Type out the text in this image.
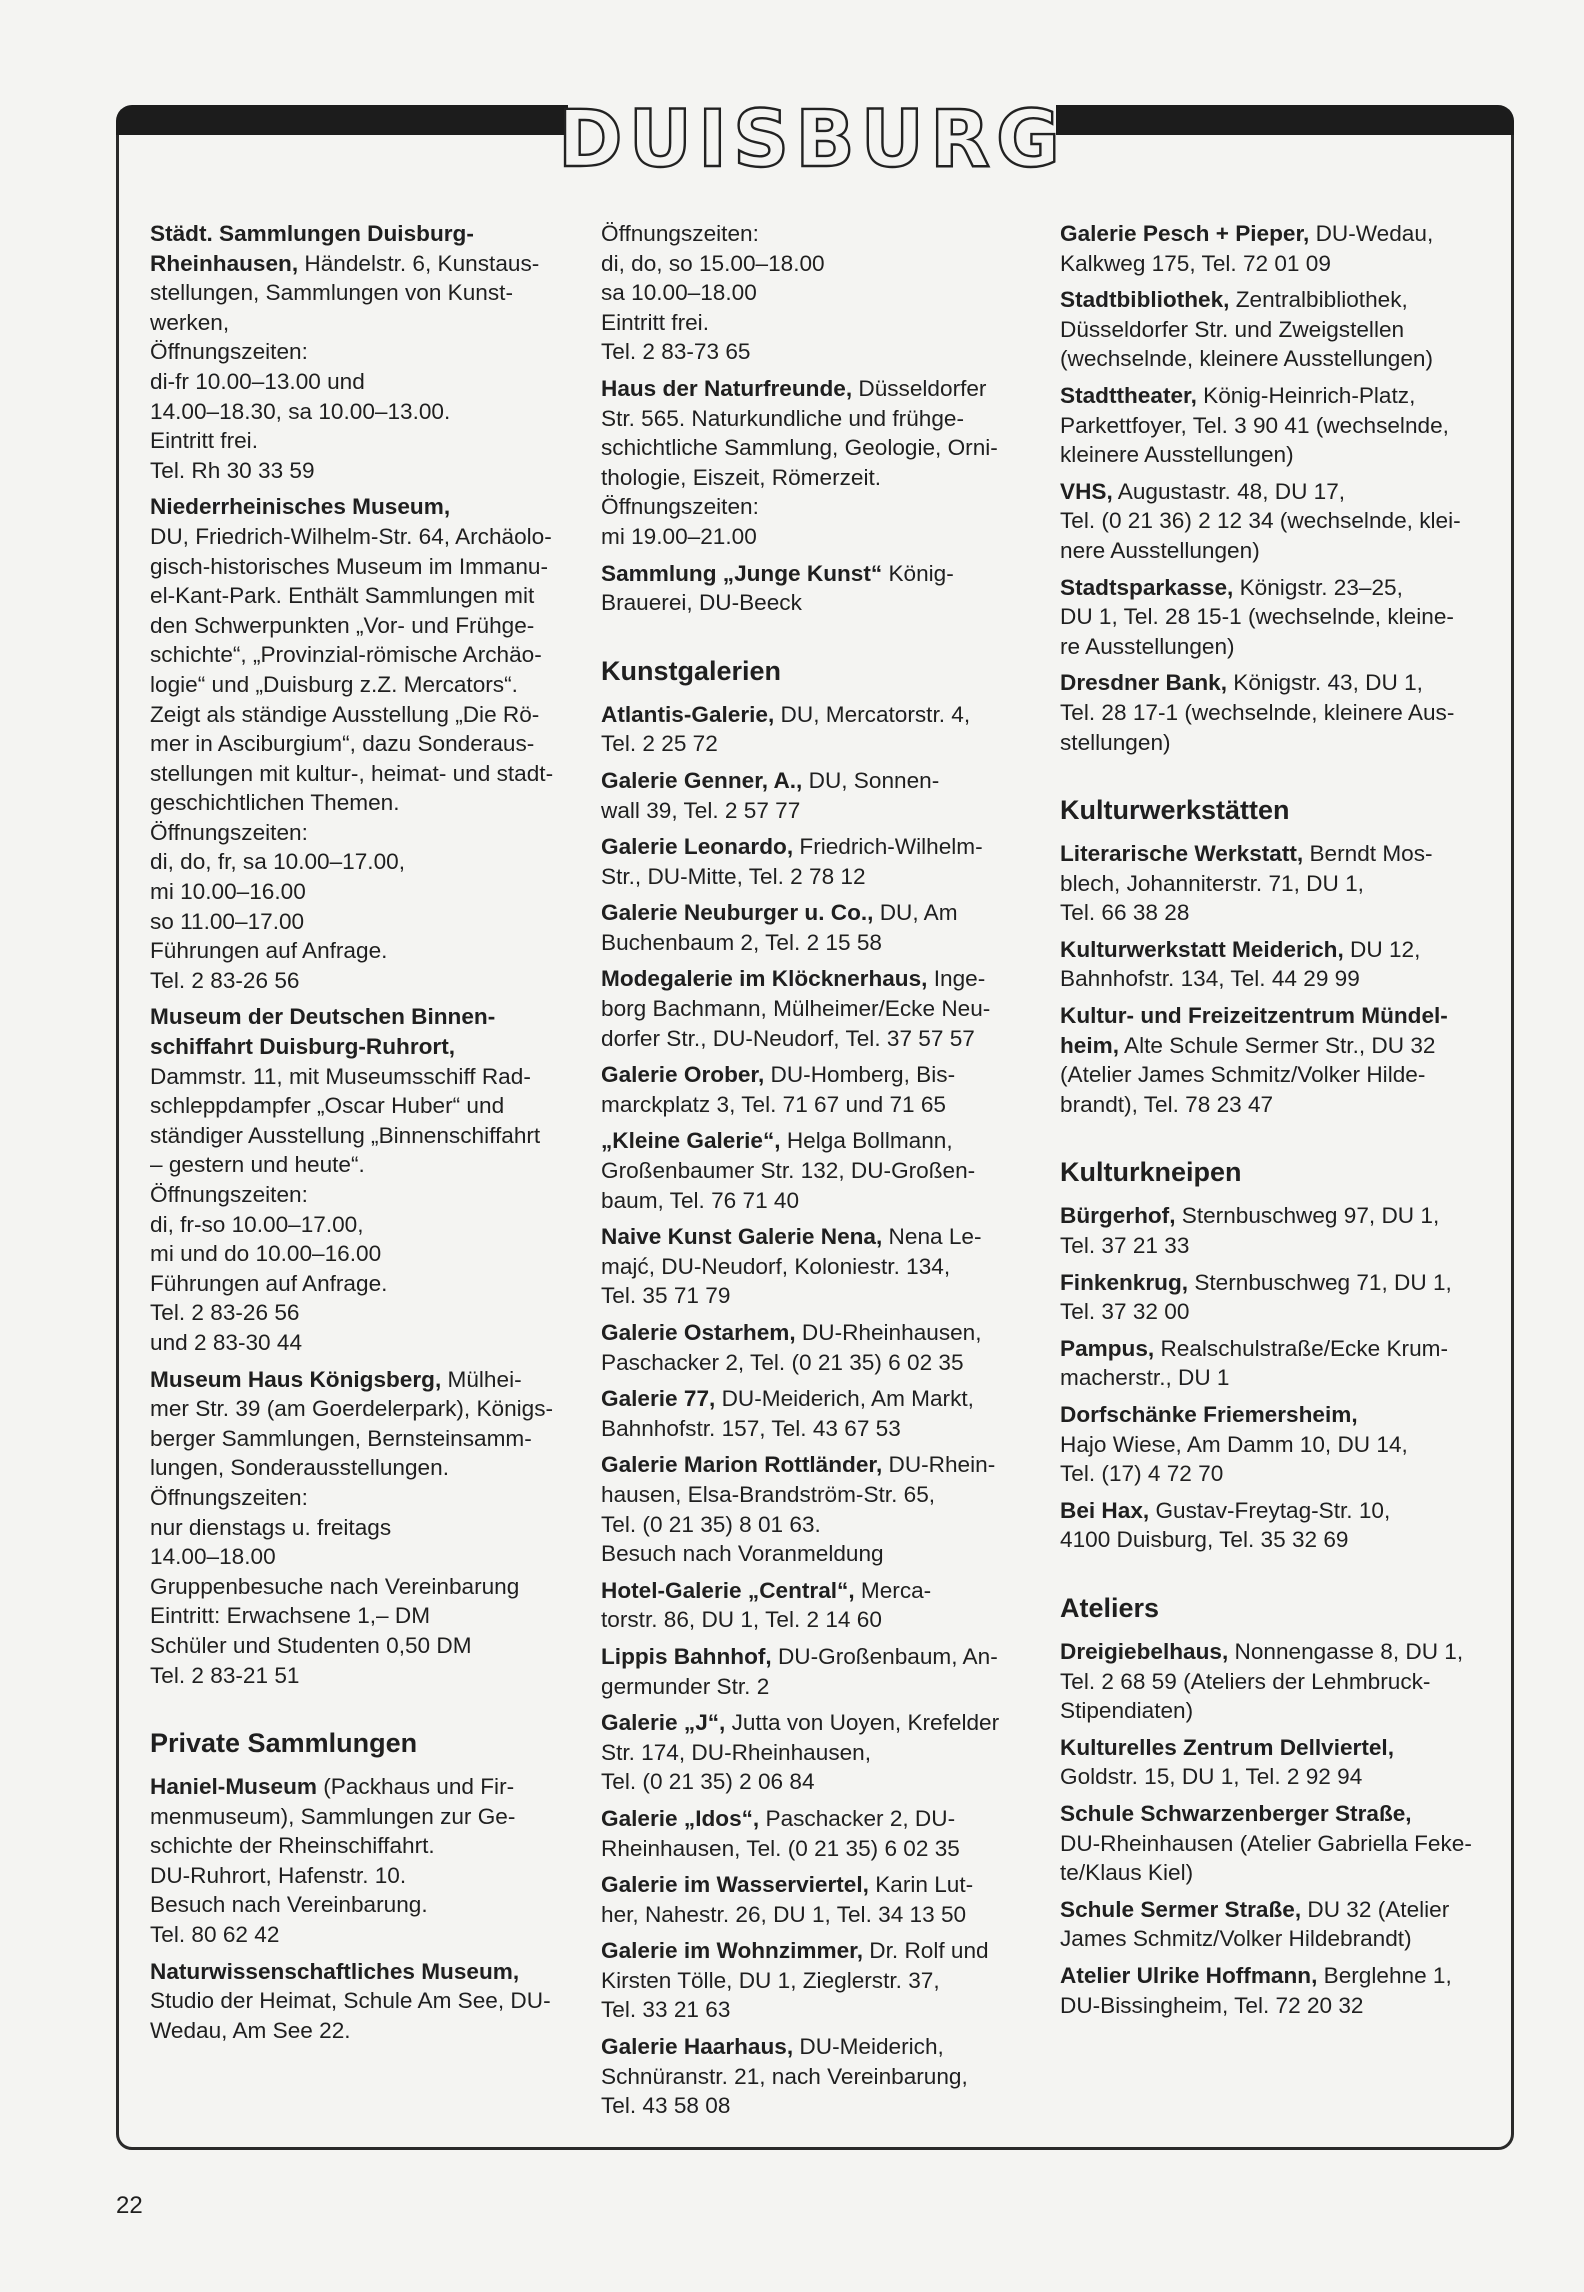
DUISBURG
Städt. Sammlungen Duisburg-
Rheinhausen, Händelstr. 6, Kunstaus-
stellungen, Sammlungen von Kunst-
werken,
Öffnungszeiten:
di-fr 10.00–13.00 und
14.00–18.30, sa 10.00–13.00.
Eintritt frei.
Tel. Rh 30 33 59
Niederrheinisches Museum,
DU, Friedrich-Wilhelm-Str. 64, Archäolo-
gisch-historisches Museum im Immanu-
el-Kant-Park. Enthält Sammlungen mit
den Schwerpunkten „Vor- und Frühge-
schichte“, „Provinzial-römische Archäo-
logie“ und „Duisburg z.Z. Mercators“.
Zeigt als ständige Ausstellung „Die Rö-
mer in Asciburgium“, dazu Sonderaus-
stellungen mit kultur-, heimat- und stadt-
geschichtlichen Themen.
Öffnungszeiten:
di, do, fr, sa 10.00–17.00,
mi 10.00–16.00
so 11.00–17.00
Führungen auf Anfrage.
Tel. 2 83-26 56
Museum der Deutschen Binnen-
schiffahrt Duisburg-Ruhrort,
Dammstr. 11, mit Museumsschiff Rad-
schleppdampfer „Oscar Huber“ und
ständiger Ausstellung „Binnenschiffahrt
– gestern und heute“.
Öffnungszeiten:
di, fr-so 10.00–17.00,
mi und do 10.00–16.00
Führungen auf Anfrage.
Tel. 2 83-26 56
und 2 83-30 44
Museum Haus Königsberg, Mülhei-
mer Str. 39 (am Goerdelerpark), Königs-
berger Sammlungen, Bernsteinsamm-
lungen, Sonderausstellungen.
Öffnungszeiten:
nur dienstags u. freitags
14.00–18.00
Gruppenbesuche nach Vereinbarung
Eintritt: Erwachsene 1,– DM
Schüler und Studenten 0,50 DM
Tel. 2 83-21 51
Private Sammlungen
Haniel-Museum (Packhaus und Fir-
menmuseum), Sammlungen zur Ge-
schichte der Rheinschiffahrt.
DU-Ruhrort, Hafenstr. 10.
Besuch nach Vereinbarung.
Tel. 80 62 42
Naturwissenschaftliches Museum,
Studio der Heimat, Schule Am See, DU-
Wedau, Am See 22.
Öffnungszeiten:
di, do, so 15.00–18.00
sa 10.00–18.00
Eintritt frei.
Tel. 2 83-73 65
Haus der Naturfreunde, Düsseldorfer
Str. 565. Naturkundliche und frühge-
schichtliche Sammlung, Geologie, Orni-
thologie, Eiszeit, Römerzeit.
Öffnungszeiten:
mi 19.00–21.00
Sammlung „Junge Kunst“ König-
Brauerei, DU-Beeck
Kunstgalerien
Atlantis-Galerie, DU, Mercatorstr. 4,
Tel. 2 25 72
Galerie Genner, A., DU, Sonnen-
wall 39, Tel. 2 57 77
Galerie Leonardo, Friedrich-Wilhelm-
Str., DU-Mitte, Tel. 2 78 12
Galerie Neuburger u. Co., DU, Am
Buchenbaum 2, Tel. 2 15 58
Modegalerie im Klöcknerhaus, Inge-
borg Bachmann, Mülheimer/Ecke Neu-
dorfer Str., DU-Neudorf, Tel. 37 57 57
Galerie Orober, DU-Homberg, Bis-
marckplatz 3, Tel. 71 67 und 71 65
„Kleine Galerie“, Helga Bollmann,
Großenbaumer Str. 132, DU-Großen-
baum, Tel. 76 71 40
Naive Kunst Galerie Nena, Nena Le-
majć, DU-Neudorf, Koloniestr. 134,
Tel. 35 71 79
Galerie Ostarhem, DU-Rheinhausen,
Paschacker 2, Tel. (0 21 35) 6 02 35
Galerie 77, DU-Meiderich, Am Markt,
Bahnhofstr. 157, Tel. 43 67 53
Galerie Marion Rottländer, DU-Rhein-
hausen, Elsa-Brandström-Str. 65,
Tel. (0 21 35) 8 01 63.
Besuch nach Voranmeldung
Hotel-Galerie „Central“, Merca-
torstr. 86, DU 1, Tel. 2 14 60
Lippis Bahnhof, DU-Großenbaum, An-
germunder Str. 2
Galerie „J“, Jutta von Uoyen, Krefelder
Str. 174, DU-Rheinhausen,
Tel. (0 21 35) 2 06 84
Galerie „Idos“, Paschacker 2, DU-
Rheinhausen, Tel. (0 21 35) 6 02 35
Galerie im Wasserviertel, Karin Lut-
her, Nahestr. 26, DU 1, Tel. 34 13 50
Galerie im Wohnzimmer, Dr. Rolf und
Kirsten Tölle, DU 1, Zieglerstr. 37,
Tel. 33 21 63
Galerie Haarhaus, DU-Meiderich,
Schnüranstr. 21, nach Vereinbarung,
Tel. 43 58 08
Galerie Pesch + Pieper, DU-Wedau,
Kalkweg 175, Tel. 72 01 09
Stadtbibliothek, Zentralbibliothek,
Düsseldorfer Str. und Zweigstellen
(wechselnde, kleinere Ausstellungen)
Stadttheater, König-Heinrich-Platz,
Parkettfoyer, Tel. 3 90 41 (wechselnde,
kleinere Ausstellungen)
VHS, Augustastr. 48, DU 17,
Tel. (0 21 36) 2 12 34 (wechselnde, klei-
nere Ausstellungen)
Stadtsparkasse, Königstr. 23–25,
DU 1, Tel. 28 15-1 (wechselnde, kleine-
re Ausstellungen)
Dresdner Bank, Königstr. 43, DU 1,
Tel. 28 17-1 (wechselnde, kleinere Aus-
stellungen)
Kulturwerkstätten
Literarische Werkstatt, Berndt Mos-
blech, Johanniterstr. 71, DU 1,
Tel. 66 38 28
Kulturwerkstatt Meiderich, DU 12,
Bahnhofstr. 134, Tel. 44 29 99
Kultur- und Freizeitzentrum Mündel-
heim, Alte Schule Sermer Str., DU 32
(Atelier James Schmitz/Volker Hilde-
brandt), Tel. 78 23 47
Kulturkneipen
Bürgerhof, Sternbuschweg 97, DU 1,
Tel. 37 21 33
Finkenkrug, Sternbuschweg 71, DU 1,
Tel. 37 32 00
Pampus, Realschulstraße/Ecke Krum-
macherstr., DU 1
Dorfschänke Friemersheim,
Hajo Wiese, Am Damm 10, DU 14,
Tel. (17) 4 72 70
Bei Hax, Gustav-Freytag-Str. 10,
4100 Duisburg, Tel. 35 32 69
Ateliers
Dreigiebelhaus, Nonnengasse 8, DU 1,
Tel. 2 68 59 (Ateliers der Lehmbruck-
Stipendiaten)
Kulturelles Zentrum Dellviertel,
Goldstr. 15, DU 1, Tel. 2 92 94
Schule Schwarzenberger Straße,
DU-Rheinhausen (Atelier Gabriella Feke-
te/Klaus Kiel)
Schule Sermer Straße, DU 32 (Atelier
James Schmitz/Volker Hildebrandt)
Atelier Ulrike Hoffmann, Berglehne 1,
DU-Bissingheim, Tel. 72 20 32
22
